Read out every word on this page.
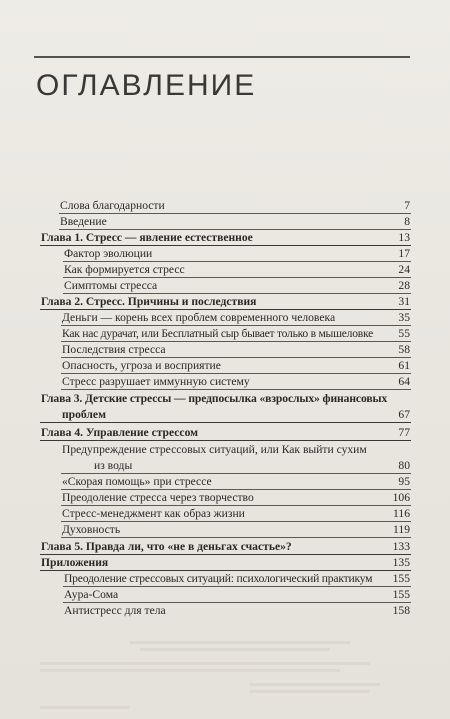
ОГЛАВЛЕНИЕ
Слова благодарности	7
Введение	8
Глава 1. Стресс — явление естественное	13
Фактор эволюции	17
Как формируется стресс	24
Симптомы стресса	28
Глава 2. Стресс. Причины и последствия	31
Деньги — корень всех проблем современного человека	35
Как нас дурачат, или Бесплатный сыр бывает только в мышеловке 55
Последствия стресса	58
Опасность, угроза и восприятие	61
Стресс разрушает иммунную систему	64
Глава 3. Детские стрессы — предпосылка «взрослых» финансовых
проблем	67
Глава 4. Управление стрессом	77
Предупреждение стрессовых ситуаций, или Как выйти сухим
из воды	80
«Скорая помощь» при стрессе	95
Преодоление стресса через творчество	106
Стресс-менеджмент как образ жизни	116
Духовность	119
Глава 5. Правда ли, что «не в деньгах счастье»?	133
Приложения	135
Преодоление стрессовых ситуаций: психологический практикум 155
Аура-Сома	155
Антистресс для тела	158
